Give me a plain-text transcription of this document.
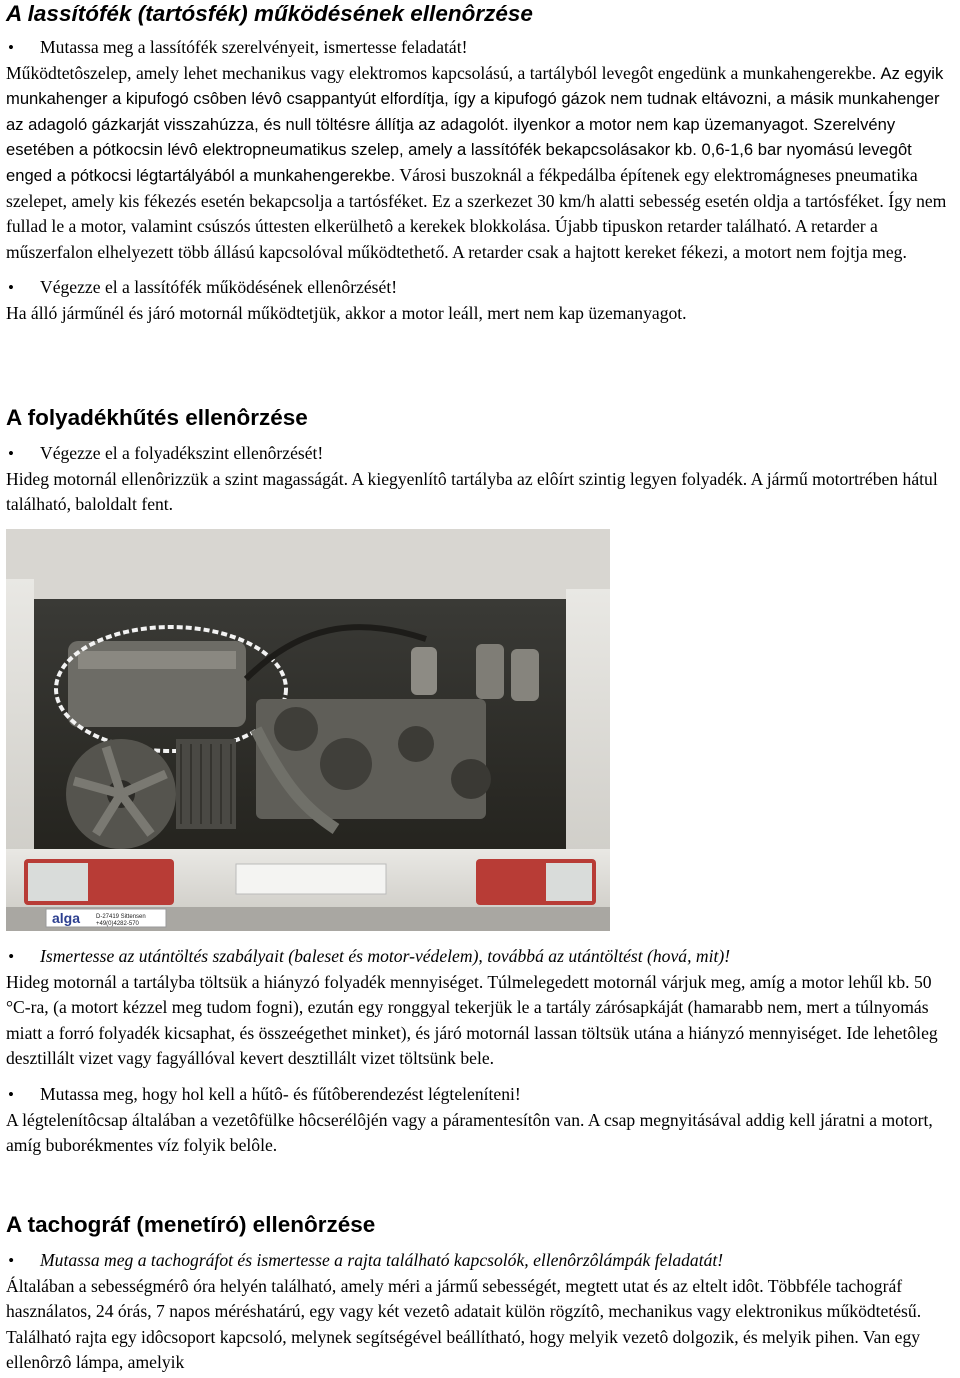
A lassítófék (tartósfék) működésének ellenôrzése

• Mutassa meg a lassítófék szerelvényeit, ismertesse feladatát!

Működtetôszelep, amely lehet mechanikus vagy elektromos kapcsolású, a tartályból levegôt engedünk a munkahengerekbe. Az egyik munkahenger a kipufogó csôben lévô csappantyút elfordítja, így a kipufogó gázok nem tudnak eltávozni, a másik munkahenger az adagoló gázkarját visszahúzza, és null töltésre állítja az adagolót. ilyenkor a motor nem kap üzemanyagot. Szerelvény esetében a pótkocsin lévô elektropneumatikus szelep, amely a lassítófék bekapcsolásakor kb. 0,6-1,6 bar nyomású levegôt enged a pótkocsi légtartályából a munkahengerekbe. Városi buszoknál a fékpedálba építenek egy elektromágneses pneumatika szelepet, amely kis fékezés esetén bekapcsolja a tartósféket. Ez a szerkezet 30 km/h alatti sebesség esetén oldja a tartósféket. Így nem fullad le a motor, valamint csúszós úttesten elkerülhetô a kerekek blokkolása. Újabb tipuskon retarder található. A retarder a műszerfalon elhelyezett több állású kapcsolóval működtethető. A retarder csak a hajtott kereket fékezi, a motort nem fojtja meg.

• Végezze el a lassítófék működésének ellenôrzését!

Ha álló járműnél és járó motornál működtetjük, akkor a motor leáll, mert nem kap üzemanyagot.

A folyadékhűtés ellenôrzése

• Végezze el a folyadékszint ellenôrzését!

Hideg motornál ellenôrizzük a szint magasságát. A kiegyenlítô tartályba az elôírt szintig legyen folyadék. A jármű motortrében hátul található, baloldalt fent.

alga	D-27419 Sittensen
+49(0)4282-570

• Ismertesse az utántöltés szabályait (baleset és motor-védelem), továbbá az utántöltést (hová, mit)!

Hideg motornál a tartályba töltsük a hiányzó folyadék mennyiséget. Túlmelegedett motornál várjuk meg, amíg a motor lehűl kb. 50 °C-ra, (a motort kézzel meg tudom fogni), ezután egy ronggyal tekerjük le a tartály zárósapkáját (hamarabb nem, mert a túlnyomás miatt a forró folyadék kicsaphat, és összeégethet minket), és járó motornál lassan töltsük utána a hiányzó mennyiséget. Ide lehetôleg desztillált vizet vagy fagyállóval kevert desztillált vizet töltsünk bele.

• Mutassa meg, hogy hol kell a hűtô- és fűtôberendezést légteleníteni!

A légtelenítôcsap általában a vezetôfülke hôcserélôjén vagy a páramentesítôn van. A csap megnyitásával addig kell járatni a motort, amíg buborékmentes víz folyik belôle.

A tachográf (menetíró) ellenôrzése

• Mutassa meg a tachográfot és ismertesse a rajta található kapcsolók, ellenôrzôlámpák feladatát!

Általában a sebességmérô óra helyén található, amely méri a jármű sebességét, megtett utat és az eltelt idôt. Többféle tachográf használatos, 24 órás, 7 napos méréshatárú, egy vagy két vezetô adatait külön rögzítô, mechanikus vagy elektronikus működtetésű. Található rajta egy idôcsoport kapcsoló, melynek segítségével beállítható, hogy melyik vezetô dolgozik, és melyik pihen. Van egy ellenôrzô lámpa, amelyik
